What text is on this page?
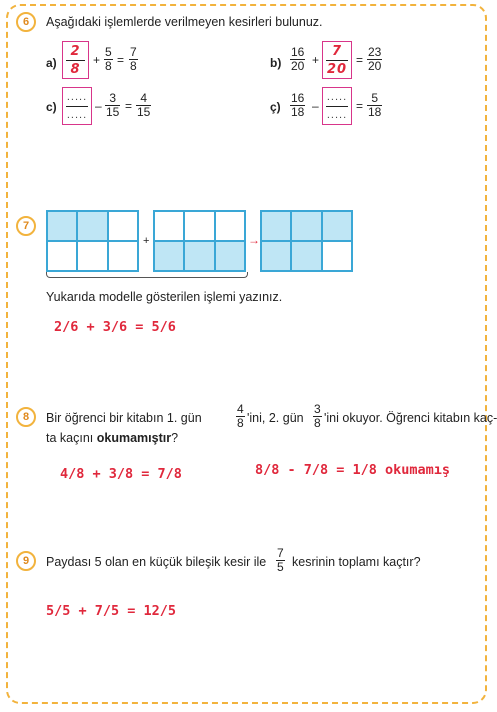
6	Aşağıdaki işlemlerde verilmeyen kesirleri bulunuz.
a)
2
8
+ $\frac{5}{8} = \frac{7}{8}$	$b) \frac{16}{20}$ +
7
20
= $\frac{23}{20}$
c)
.....
.....
– $\frac{3}{15} = \frac{4}{15}$	ç) $\frac{16}{18}$ –
.....
.....
= $\frac{5}{18}$
7
+	→
Yukarıda modelle gösterilen işlemi yazınız.
2/6 + 3/6 = 5/6
8	Bir öğrenci bir kitabın 1. gün	$\frac{4}{8}$ 'ini, 2. gün $\frac{3}{8}$ 'ini okuyor. Öğrenci kitabın kaç-
ta kaçını okumamıştır?
4/8 + 3/8 = 7/8	8/8 - 7/8 = 1/8 okumamış
9	Paydası 5 olan en küçük bileşik kesir ile $\frac{7}{5}$ kesrinin toplamı kaçtır?
5/5 + 7/5 = 12/5
